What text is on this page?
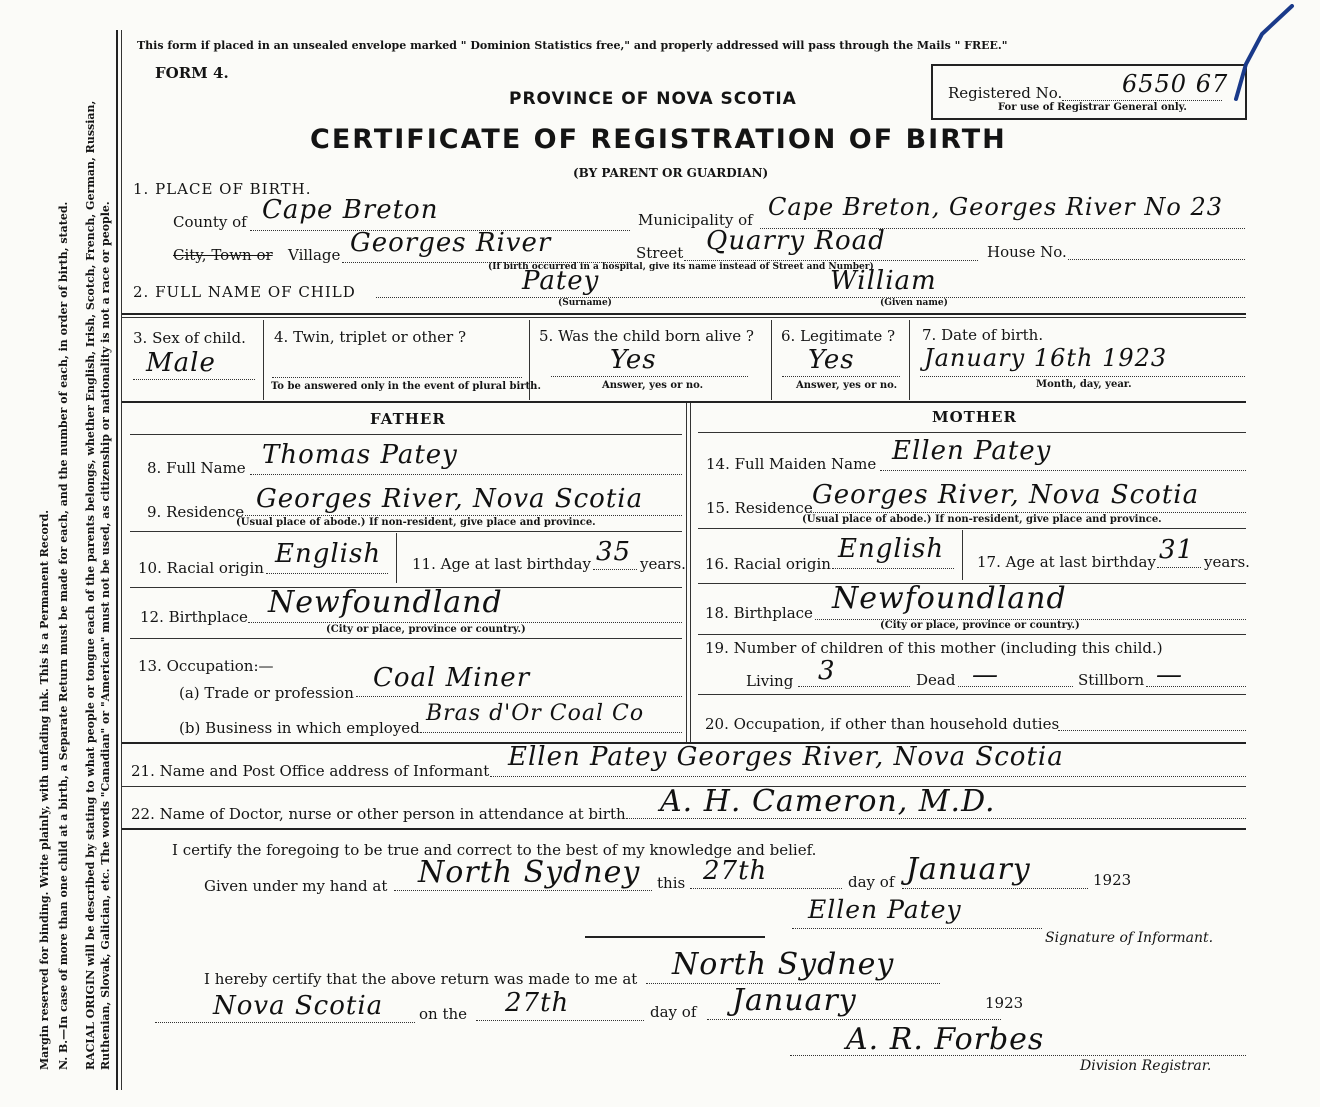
Margin reserved for binding. Write plainly, with unfading ink. This is a Permanent Record. N. B.—In case of more than one child at a birth, a Separate Return must be made for each, and the number of each, in order of birth, stated. RACIAL ORIGIN will be described by stating to what people or tongue each of the parents belongs, whether English, Irish, Scotch, French, German, Russian, Ruthenian, Slovak, Galician, etc. The words "Canadian" or "American" must not be used, as citizenship or nationality is not a race or people.
This form if placed in an unsealed envelope marked " Dominion Statistics free," and properly addressed will pass through the Mails " FREE."
FORM 4.
PROVINCE OF NOVA SCOTIA
CERTIFICATE OF REGISTRATION OF BIRTH
(BY PARENT OR GUARDIAN)
Registered No. 6550 67
For use of Registrar General only.
1. PLACE OF BIRTH.
County of Cape Breton	Municipality of Cape Breton, Georges River No 23
City, Town or Village Georges River	Street Quarry Road	House No.
(If birth occurred in a hospital, give its name instead of Street and Number)
2. FULL NAME OF CHILD	Patey	William
(Surname)	(Given name)
3. Sex of child.
Male
4. Twin, triplet or other ?
To be answered only in the event of plural birth.
5. Was the child born alive ?
Yes
Answer, yes or no.
6. Legitimate ?
Yes
Answer, yes or no.
7. Date of birth.
January 16th 1923
Month, day, year.
FATHER	MOTHER
8. Full Name Thomas Patey
9. Residence Georges River, Nova Scotia
(Usual place of abode.) If non-resident, give place and province.
10. Racial origin English 11. Age at last birthday 35 years.
12. Birthplace Newfoundland
(City or place, province or country.)
13. Occupation:—
(a) Trade or profession Coal Miner
(b) Business in which employed
Bras d'Or Coal Co
14. Full Maiden Name Ellen Patey
15. Residence Georges River, Nova Scotia
(Usual place of abode.) If non-resident, give place and province.
16. Racial origin English 17. Age at last birthday 31 years.
18. Birthplace Newfoundland
(City or place, province or country.)
19. Number of children of this mother (including this child.)
Living 3	Dead —	Stillborn —
20. Occupation, if other than household duties
21. Name and Post Office address of Informant Ellen Patey Georges River, Nova Scotia
22. Name of Doctor, nurse or other person in attendance at birth A. H. Cameron, M.D.
I certify the foregoing to be true and correct to the best of my knowledge and belief.
Given under my hand at North Sydney this 27th	day of January	1923
Ellen Patey
Signature of Informant.
I hereby certify that the above return was made to me at North Sydney
Nova Scotia on the 27th	day of January	1923
A. R. Forbes
Division Registrar.
